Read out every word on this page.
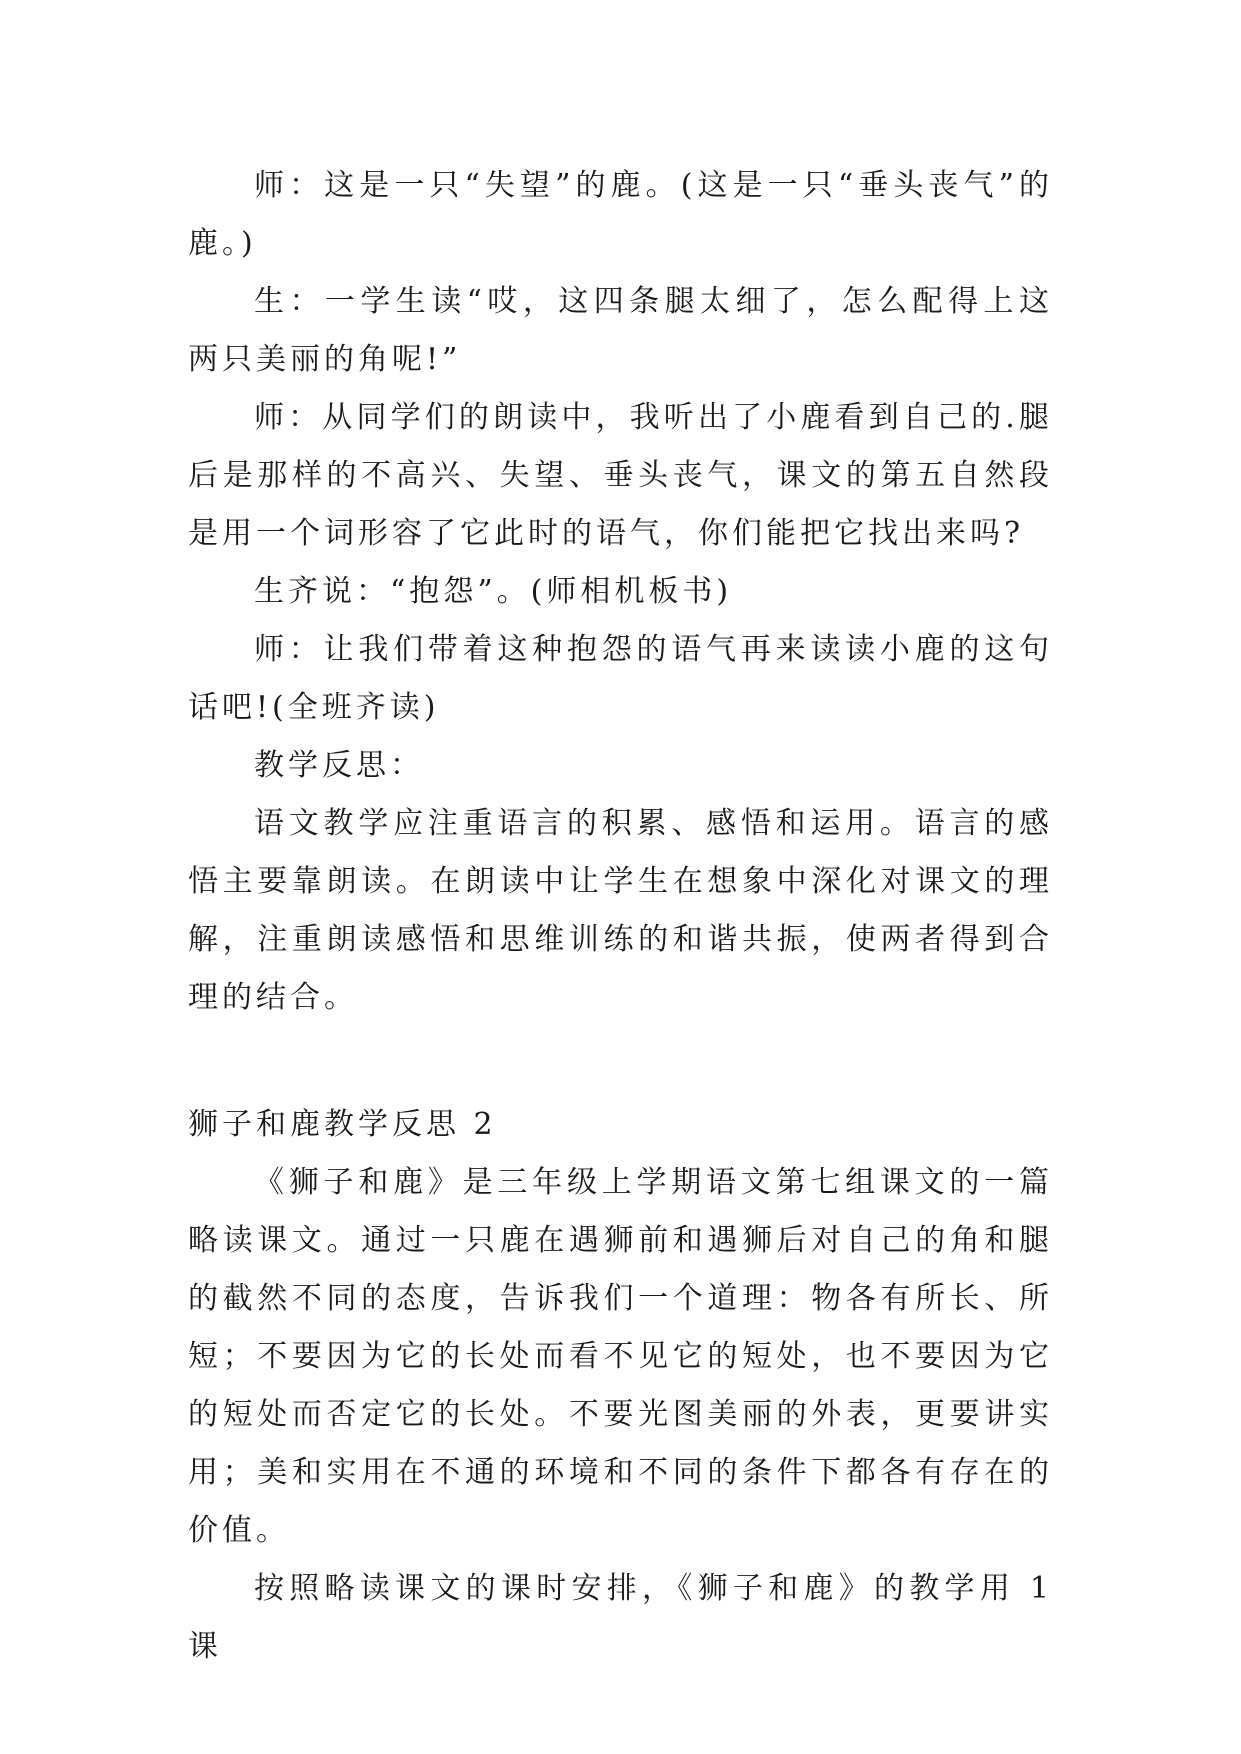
师：这是一只“失望”的鹿。(这是一只“垂头丧气”的鹿。)

生：一学生读“哎，这四条腿太细了，怎么配得上这两只美丽的角呢!”

师：从同学们的朗读中，我听出了小鹿看到自己的.腿后是那样的不高兴、失望、垂头丧气，课文的第五自然段是用一个词形容了它此时的语气，你们能把它找出来吗?

生齐说：“抱怨”。(师相机板书)

师：让我们带着这种抱怨的语气再来读读小鹿的这句话吧!(全班齐读)

教学反思：

语文教学应注重语言的积累、感悟和运用。语言的感悟主要靠朗读。在朗读中让学生在想象中深化对课文的理解，注重朗读感悟和思维训练的和谐共振，使两者得到合理的结合。

狮子和鹿教学反思 2

《狮子和鹿》是三年级上学期语文第七组课文的一篇略读课文。通过一只鹿在遇狮前和遇狮后对自己的角和腿的截然不同的态度，告诉我们一个道理：物各有所长、所短；不要因为它的长处而看不见它的短处，也不要因为它的短处而否定它的长处。不要光图美丽的外表，更要讲实用；美和实用在不通的环境和不同的条件下都各有存在的价值。

按照略读课文的课时安排，《狮子和鹿》的教学用 1 课
